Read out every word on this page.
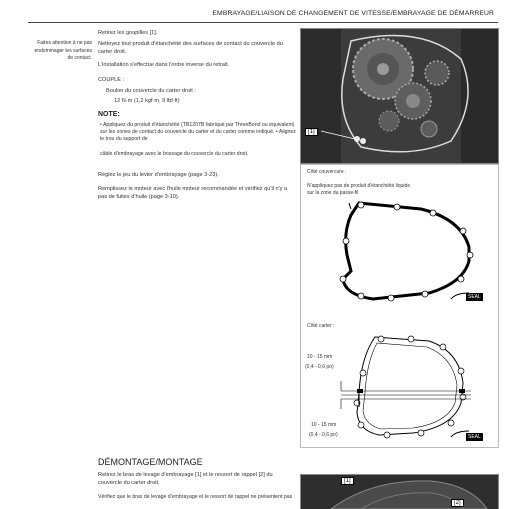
EMBRAYAGE/LIAISON DE CHANGEMENT DE VITESSE/EMBRAYAGE DE DÉMARREUR
Faites attention à ne pas endommager les surfaces de contact.
Retirez les goupilles [1].
Nettoyez tout produit d'étanchéité des surfaces de contact du couvercle du carter droit.
L'installation s'effectue dans l'ordre inverse du retrait.
COUPLE :
Boulon du couvercle du carter droit :
12 N·m (1,2 kgf·m, 9 lbf·ft)
NOTE:
• Appliquez du produit d'étanchéité (TB1207B fabriqué par ThreeBond ou équivalent) sur les zones de contact du couvercle du carter et du carter comme indiqué. • Alignez le trou du support de
câble d'embrayage avec le bossage du couvercle du carter droit.
Réglez le jeu du levier d'embrayage (page 3-23).
Remplissez le moteur avec l'huile moteur recommandée et vérifiez qu'il n'y a pas de fuites d'huile (page 3-10).
[1]
Côté couvercure :
N'appliquez pas de produit d'étanchéité liquide sur la zone du passe-fil
SEAL
Côté carter :
10 - 15 mm
(0,4 - 0,6 po)
10 - 15 mm
(0,4 - 0,6 po)	SEAL
DÉMONTAGE/MONTAGE
Retirez le bras de levage d'embrayage [1] et le ressort de rappel [2] du couvercle du carter droit.
Vérifiez que le bras de levage d'embrayage et le ressort de rappel ne présentent pas
[1]
[2]
